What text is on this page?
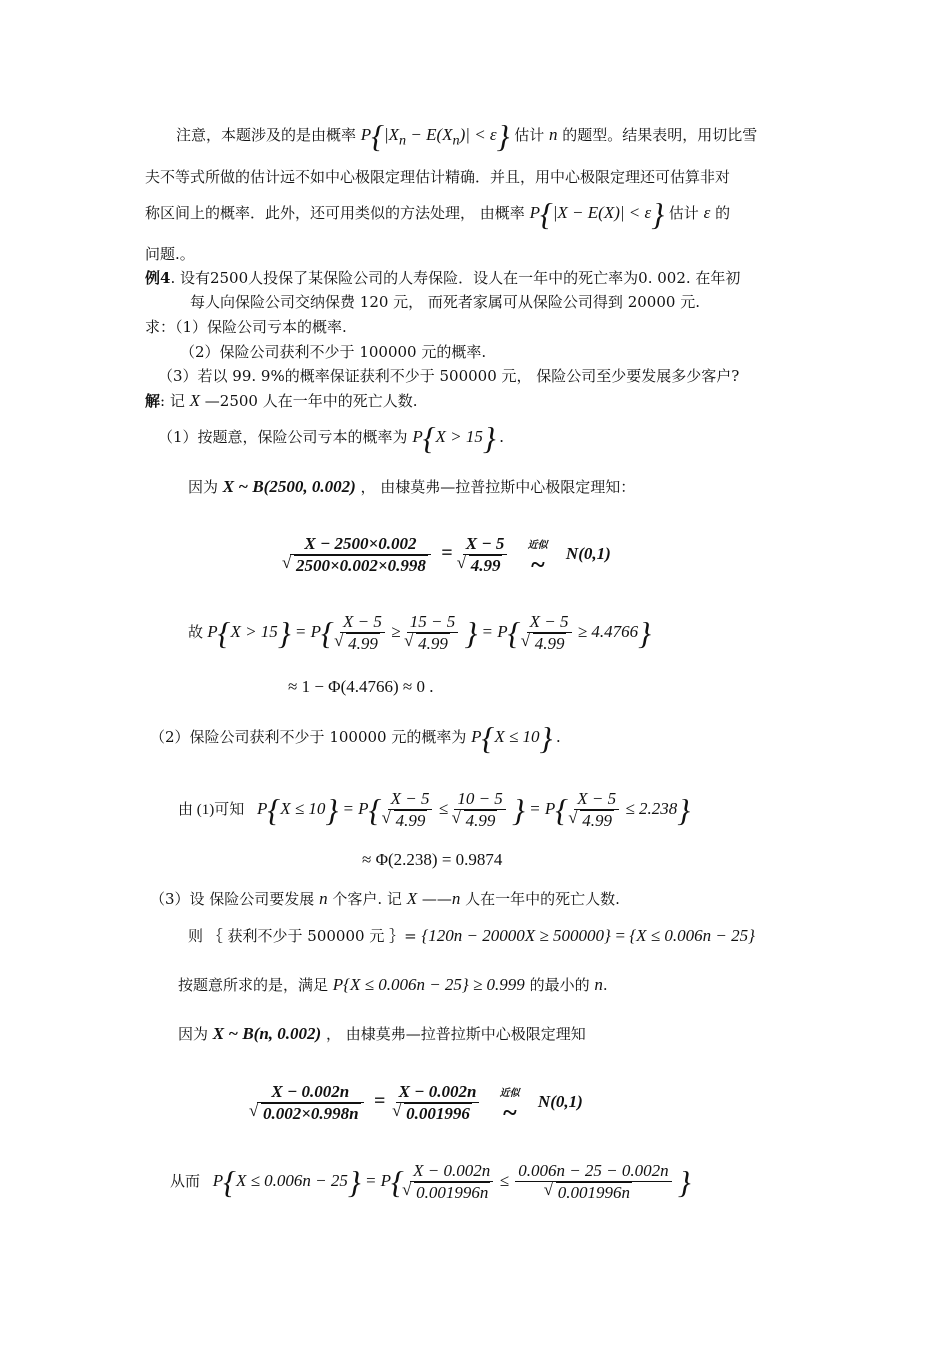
注意，本题涉及的是由概率 $P\{|X_n - E(X_n)| < \varepsilon\}$ 估计 n 的题型。结果表明，用切比雪
夫不等式所做的估计远不如中心极限定理估计精确．并且，用中心极限定理还可估算非对
称区间上的概率．此外，还可用类似的方法处理， 由概率 P{|X − E(X)| < ε} 估计 ε 的
问题.。
例4. 设有2500人投保了某保险公司的人寿保险．设人在一年中的死亡率为0. 002. 在年初
每人向保险公司交纳保费 120 元， 而死者家属可从保险公司得到 20000 元.
求：（1）保险公司亏本的概率.
（2）保险公司获利不少于 100000 元的概率.
（3）若以 99. 9%的概率保证获利不少于 500000 元， 保险公司至少要发展多少客户?
解: 记 X —2500 人在一年中的死亡人数.
（1）按题意，保险公司亏本的概率为 P{X > 15} .
因为 X ~ B(2500, 0.002) ， 由棣莫弗—拉普拉斯中心极限定理知：
X − 2500×0.002
√ 2500×0.002×0.998 = X − 5
√ 4.99
近似
~ N(0,1)
故 P{X > 15} = P{ X − 5
√ 4.99 ≥ 15 − 5
√ 4.99 } = P{ X − 5
√ 4.99 ≥ 4.4766}
≈ 1 − Φ(4.4766) ≈ 0 .
（2）保险公司获利不少于 100000 元的概率为 P{X ≤ 10} .
由 (1)可知   P{X ≤ 10} = P{ X − 5
√ 4.99 ≤ 10 − 5
√ 4.99 } = P{ X − 5
√ 4.99 ≤ 2.238}
≈ Φ(2.238) = 0.9874
（3）设 保险公司要发展 n 个客户. 记 X ——n 人在一年中的死亡人数.
则 ｛ 获利不少于 500000 元 ｝= {120n − 20000X ≥ 500000} = {X ≤ 0.006n − 25}
按题意所求的是，满足 P{X ≤ 0.006n − 25} ≥ 0.999 的最小的 n.
因为 X ~ B(n, 0.002) ， 由棣莫弗—拉普拉斯中心极限定理知
X − 0.002n
√ 0.002×0.998n = X − 0.002n
√ 0.001996
近似
~ N(0,1)
从而   P{X ≤ 0.006n − 25} = P{ X − 0.002n
√ 0.001996n ≤ 0.006n − 25 − 0.002n
√ 0.001996n }
